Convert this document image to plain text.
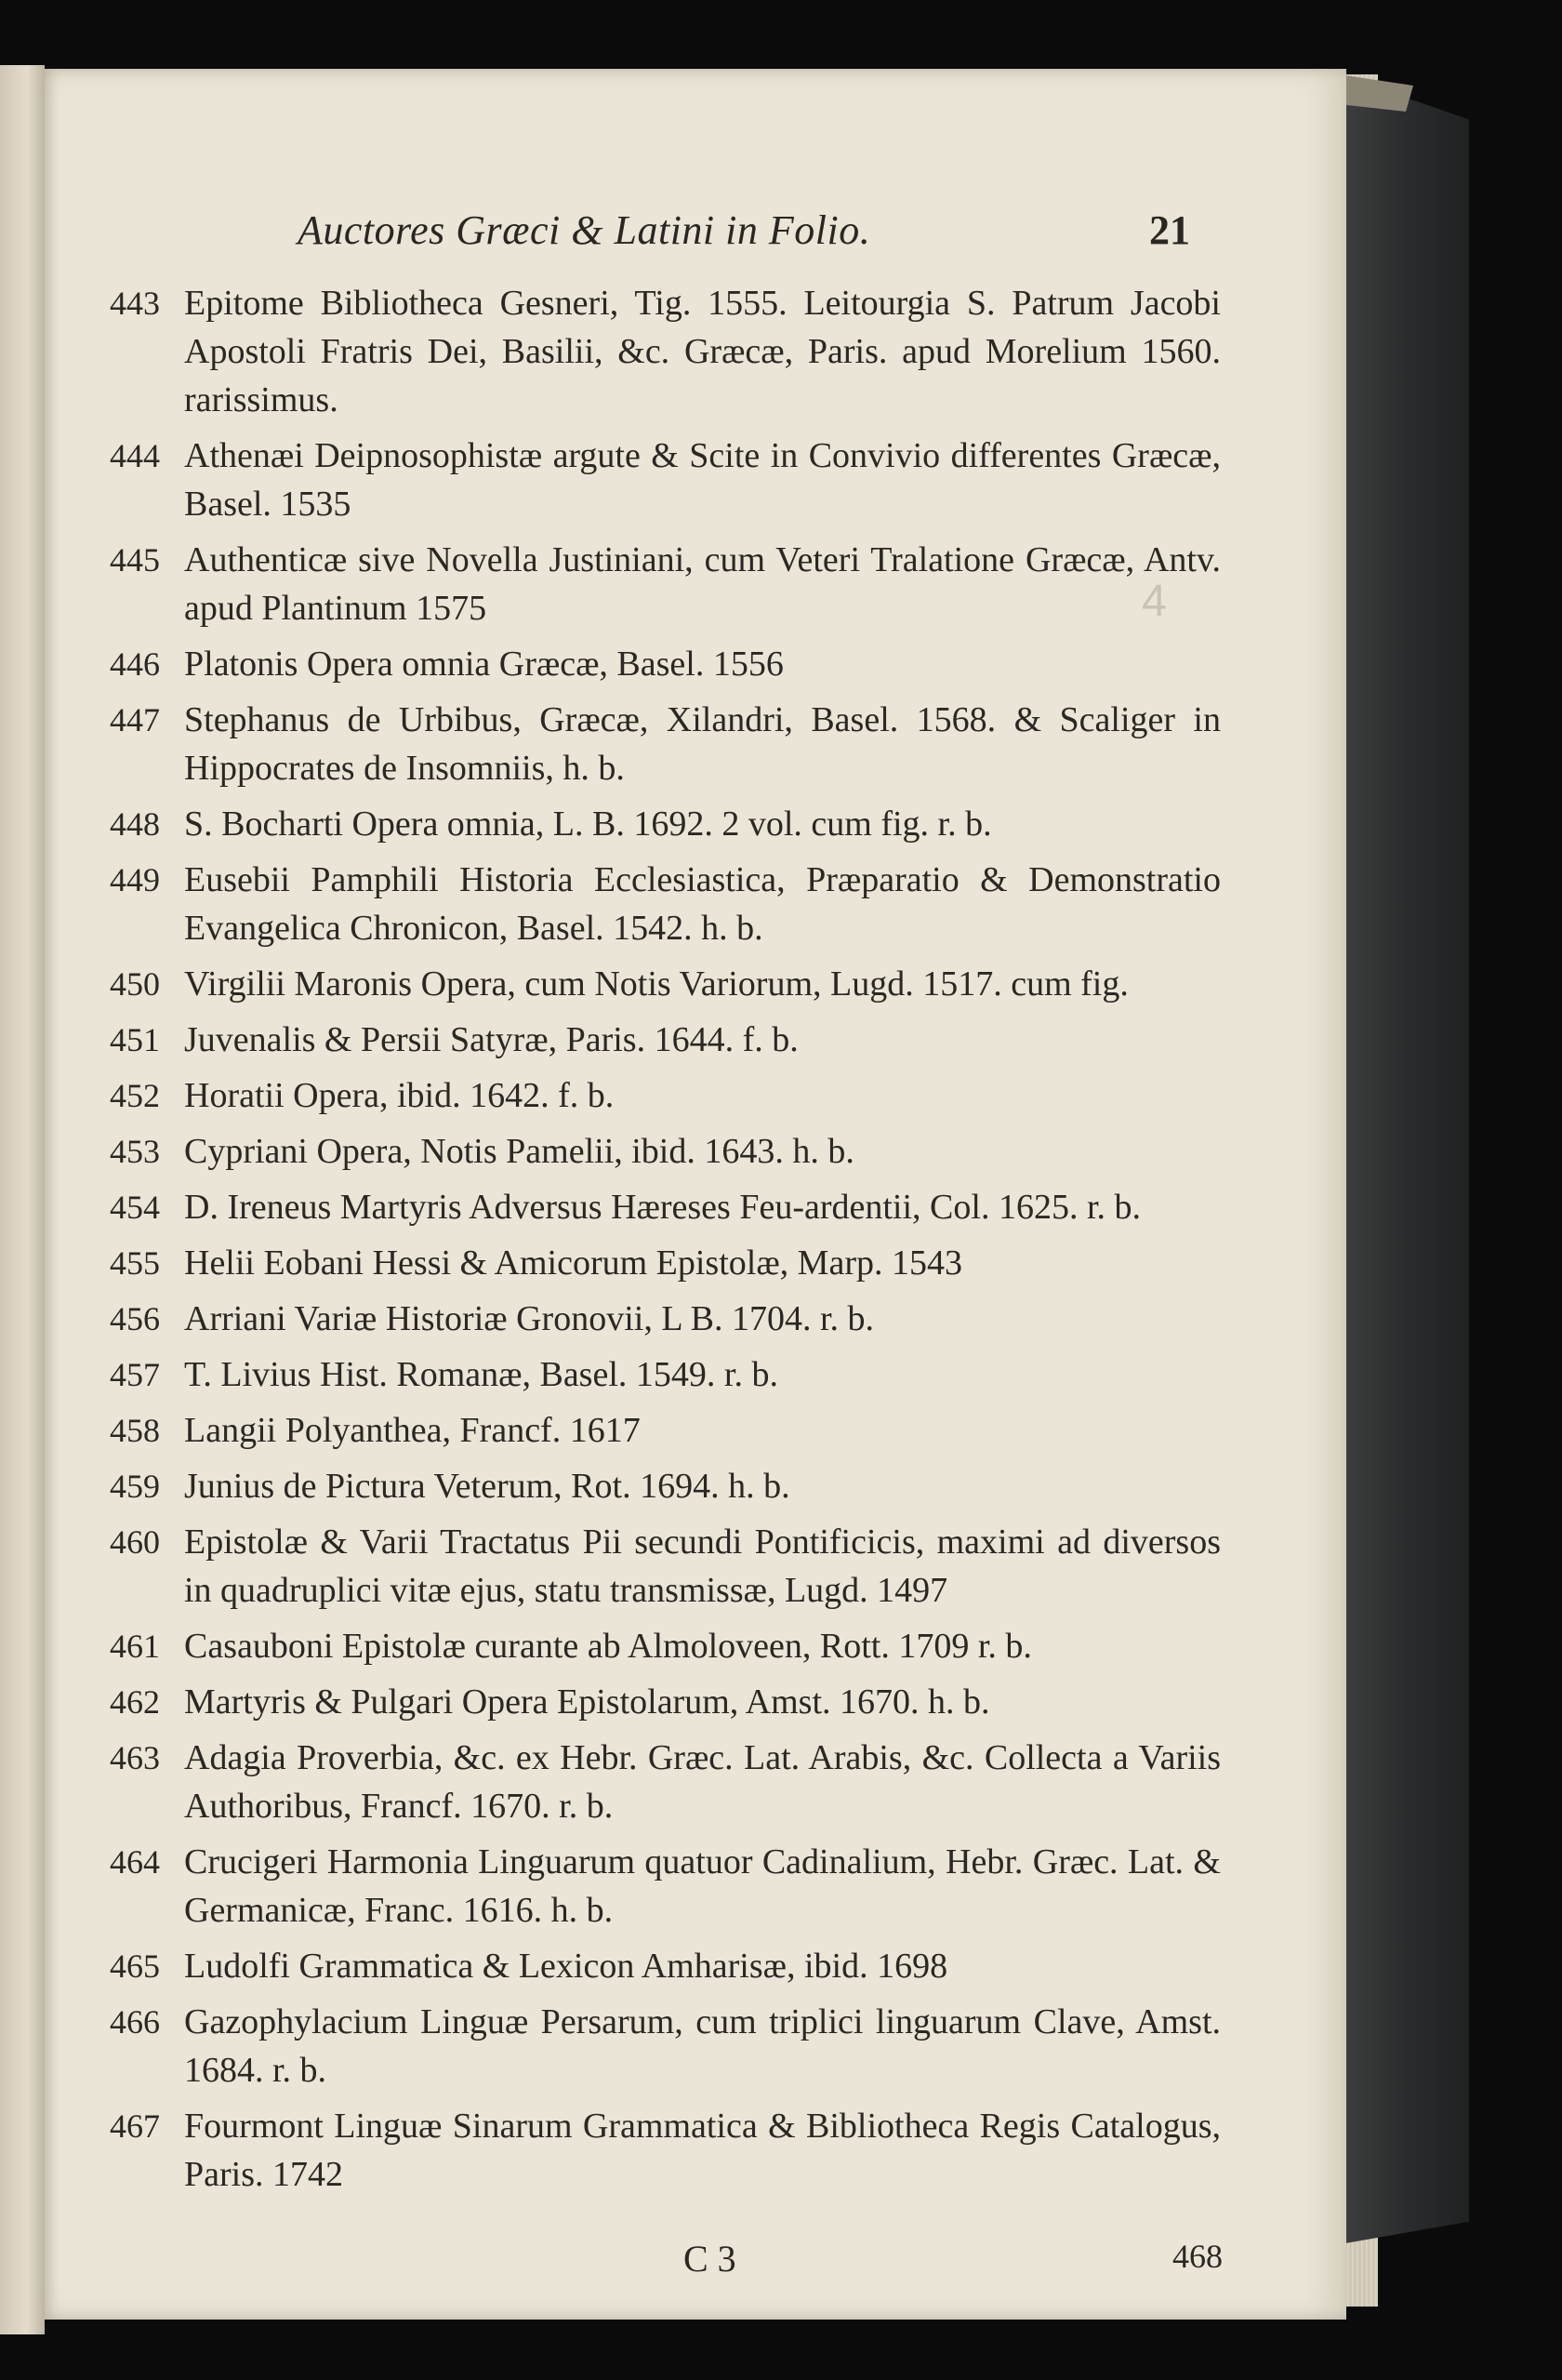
4
Auctores Græci & Latini in Folio.	21
443 Epitome Bibliotheca Gesneri, Tig. 1555. Leitourgia S. Patrum Jacobi Apostoli Fratris Dei, Basilii, &c. Græcæ, Paris. apud Morelium 1560. rarissimus.
444 Athenæi Deipnosophistæ argute & Scite in Convivio differentes Græcæ, Basel. 1535
445 Authenticæ sive Novella Justiniani, cum Veteri Tralatione Græcæ, Antv. apud Plantinum 1575
446 Platonis Opera omnia Græcæ, Basel. 1556
447 Stephanus de Urbibus, Græcæ, Xilandri, Basel. 1568. & Scaliger in Hippocrates de Insomniis, h. b.
448 S. Bocharti Opera omnia, L. B. 1692. 2 vol. cum fig. r. b.
449 Eusebii Pamphili Historia Ecclesiastica, Præparatio & Demonstratio Evangelica Chronicon, Basel. 1542. h. b.
450 Virgilii Maronis Opera, cum Notis Variorum, Lugd. 1517. cum fig.
451 Juvenalis & Persii Satyræ, Paris. 1644. f. b.
452 Horatii Opera, ibid. 1642. f. b.
453 Cypriani Opera, Notis Pamelii, ibid. 1643. h. b.
454 D. Ireneus Martyris Adversus Hæreses Feu-ardentii, Col. 1625. r. b.
455 Helii Eobani Hessi & Amicorum Epistolæ, Marp. 1543
456 Arriani Variæ Historiæ Gronovii, L B. 1704. r. b.
457 T. Livius Hist. Romanæ, Basel. 1549. r. b.
458 Langii Polyanthea, Francf. 1617
459 Junius de Pictura Veterum, Rot. 1694. h. b.
460 Epistolæ & Varii Tractatus Pii secundi Pontificicis, maximi ad diversos in quadruplici vitæ ejus, statu transmissæ, Lugd. 1497
461 Casauboni Epistolæ curante ab Almoloveen, Rott. 1709 r. b.
462 Martyris & Pulgari Opera Epistolarum, Amst. 1670. h. b.
463 Adagia Proverbia, &c. ex Hebr. Græc. Lat. Arabis, &c. Collecta a Variis Authoribus, Francf. 1670. r. b.
464 Crucigeri Harmonia Linguarum quatuor Cadinalium, Hebr. Græc. Lat. & Germanicæ, Franc. 1616. h. b.
465 Ludolfi Grammatica & Lexicon Amharisæ, ibid. 1698
466 Gazophylacium Linguæ Persarum, cum triplici linguarum Clave, Amst. 1684. r. b.
467 Fourmont Linguæ Sinarum Grammatica & Bibliotheca Regis Catalogus, Paris. 1742
C 3	468
